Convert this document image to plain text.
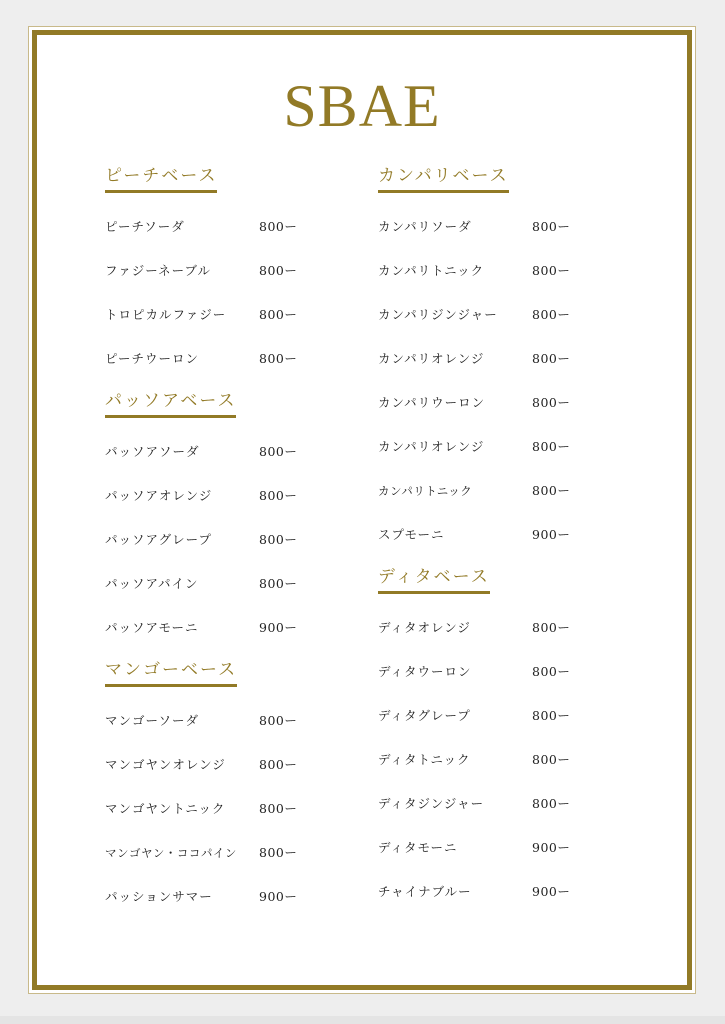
SBAE
ピーチベース
ピーチソーダ	800ー
ファジーネーブル	800ー
トロピカルファジー	800ー
ピーチウーロン	800ー
パッソアベース
パッソアソーダ	800ー
パッソアオレンジ	800ー
パッソアグレープ	800ー
パッソアパイン	800ー
パッソアモーニ	900ー
マンゴーベース
マンゴーソーダ	800ー
マンゴヤンオレンジ	800ー
マンゴヤントニック	800ー
マンゴヤン・ココパイン 800ー
パッションサマー	900ー
カンパリベース
カンパリソーダ	800ー
カンパリトニック	800ー
カンパリジンジャー	800ー
カンパリオレンジ	800ー
カンパリウーロン	800ー
カンパリオレンジ	800ー
カンパリトニック	800ー
スプモーニ	900ー
ディタベース
ディタオレンジ	800ー
ディタウーロン	800ー
ディタグレープ	800ー
ディタトニック	800ー
ディタジンジャー	800ー
ディタモーニ	900ー
チャイナブルー	900ー
